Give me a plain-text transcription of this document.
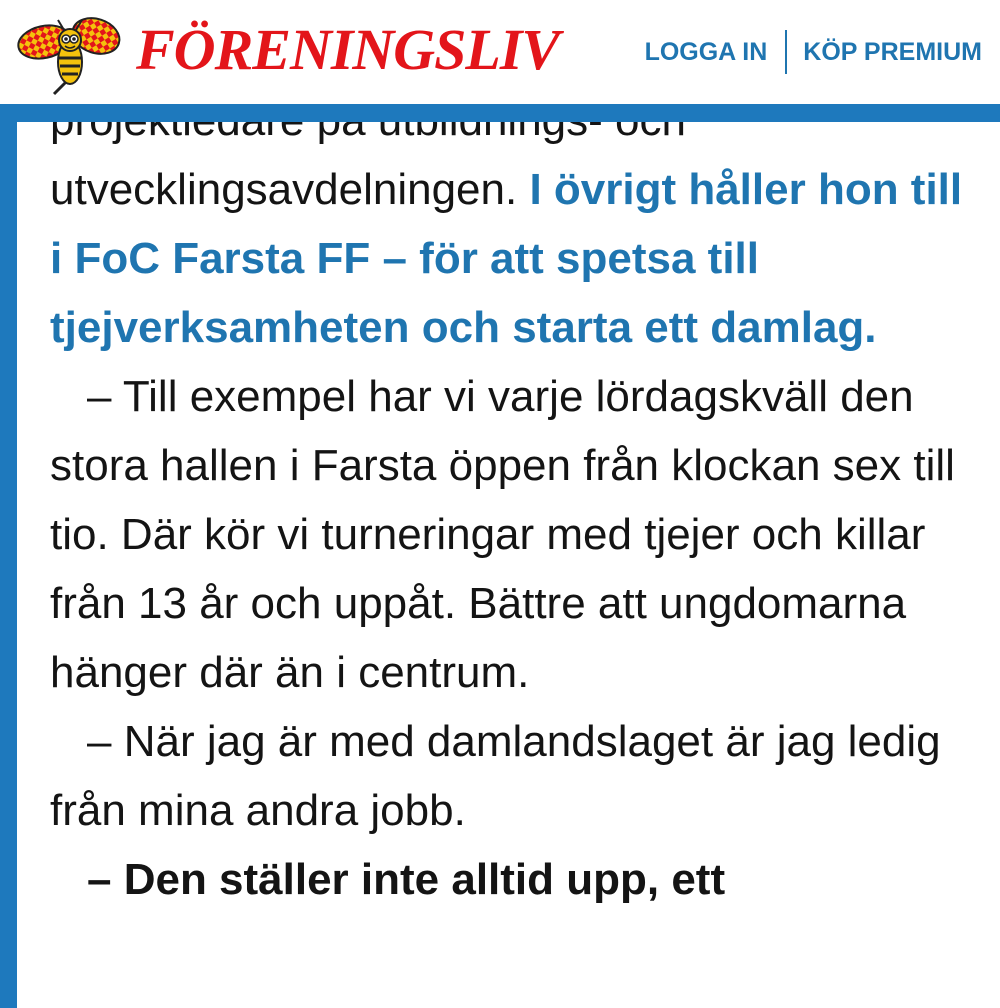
FÖRENINGSLIV	LOGGA IN KÖP PREMIUM

utvecklingsavdelningen. I övrigt håller hon till i FoC Farsta FF – för att spetsa till tjejverksamheten och starta ett damlag.

– Till exempel har vi varje lördagskväll den stora hallen i Farsta öppen från klockan sex till tio. Där kör vi turneringar med tjejer och killar från 13 år och uppåt. Bättre att ungdomarna hänger där än i centrum.

– När jag är med damlandslaget är jag ledig från mina andra jobb.

– Den ställer inte alltid upp, ett
